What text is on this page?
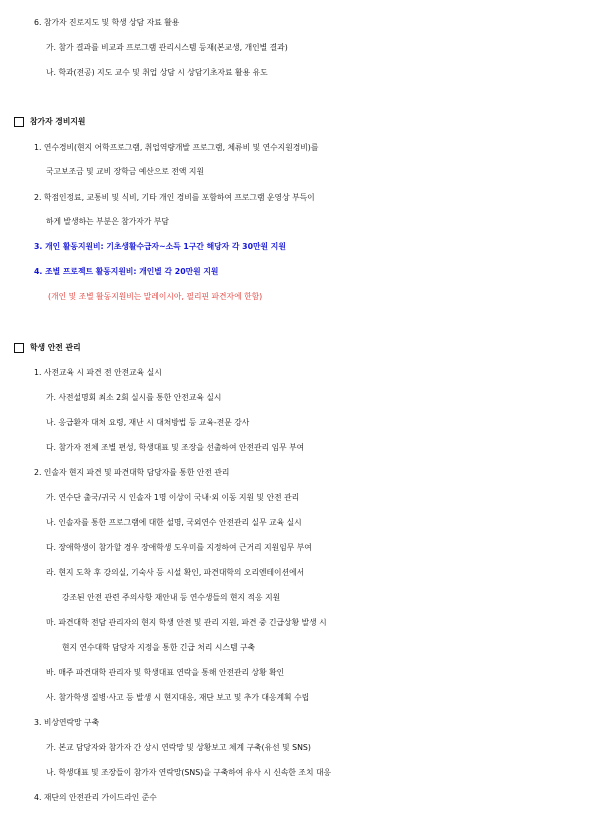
6. 참가자 진로지도 및 학생 상담 자료 활용
가. 참가 결과를 비교과 프로그램 관리시스템 등재(본교생, 개인별 결과)
나. 학과(전공) 지도 교수 및 취업 상담 시 상담기초자료 활용 유도
참가자 경비지원
1. 연수경비(현지 어학프로그램, 취업역량개발 프로그램, 체류비 및 연수지원경비)를
국고보조금 및 교비 장학금 예산으로 전액 지원
2. 학점인정료, 교통비 및 식비, 기타 개인 경비를 포함하여 프로그램 운영상 부득이
하게 발생하는 부분은 참가자가 부담
3. 개인 활동지원비: 기초생활수급자~소득 1구간 해당자 각 30만원 지원
4. 조별 프로젝트 활동지원비: 개인별 각 20만원 지원
(개인 및 조별 활동지원비는 말레이시아, 필리핀 파견자에 한함)
학생 안전 관리
1. 사전교육 시 파견 전 안전교육 실시
가. 사전설명회 최소 2회 실시를 통한 안전교육 실시
나. 응급환자 대처 요령, 재난 시 대처방법 등 교육-전문 강사
다. 참가자 전체 조별 편성, 학생대표 및 조장을 선출하여 안전관리 임무 부여
2. 인솔자 현지 파견 및 파견대학 담당자를 통한 안전 관리
가. 연수단 출국/귀국 시 인솔자 1명 이상이 국내·외 이동 지원 및 안전 관리
나. 인솔자를 통한 프로그램에 대한 설명, 국외연수 안전관리 실무 교육 실시
다. 장애학생이 참가할 경우 장애학생 도우미를 지정하여 근거리 지원임무 부여
라. 현지 도착 후 강의실, 기숙사 등 시설 확인, 파견대학의 오리엔테이션에서
강조된 안전 관련 주의사항 재안내 등 연수생들의 현지 적응 지원
마. 파견대학 전담 관리자의 현지 학생 안전 및 관리 지원, 파견 중 긴급상황 발생 시
현지 연수대학 담당자 지정을 통한 긴급 처리 시스템 구축
바. 매주 파견대학 관리자 및 학생대표 연락을 통해 안전관리 상황 확인
사. 참가학생 질병·사고 등 발생 시 현지대응, 재단 보고 및 추가 대응계획 수립
3. 비상연락망 구축
가. 본교 담당자와 참가자 간 상시 연락망 및 상황보고 체계 구축(유선 및 SNS)
나. 학생대표 및 조장들이 참가자 연락망(SNS)을 구축하여 유사 시 신속한 조치 대응
4. 재단의 안전관리 가이드라인 준수
